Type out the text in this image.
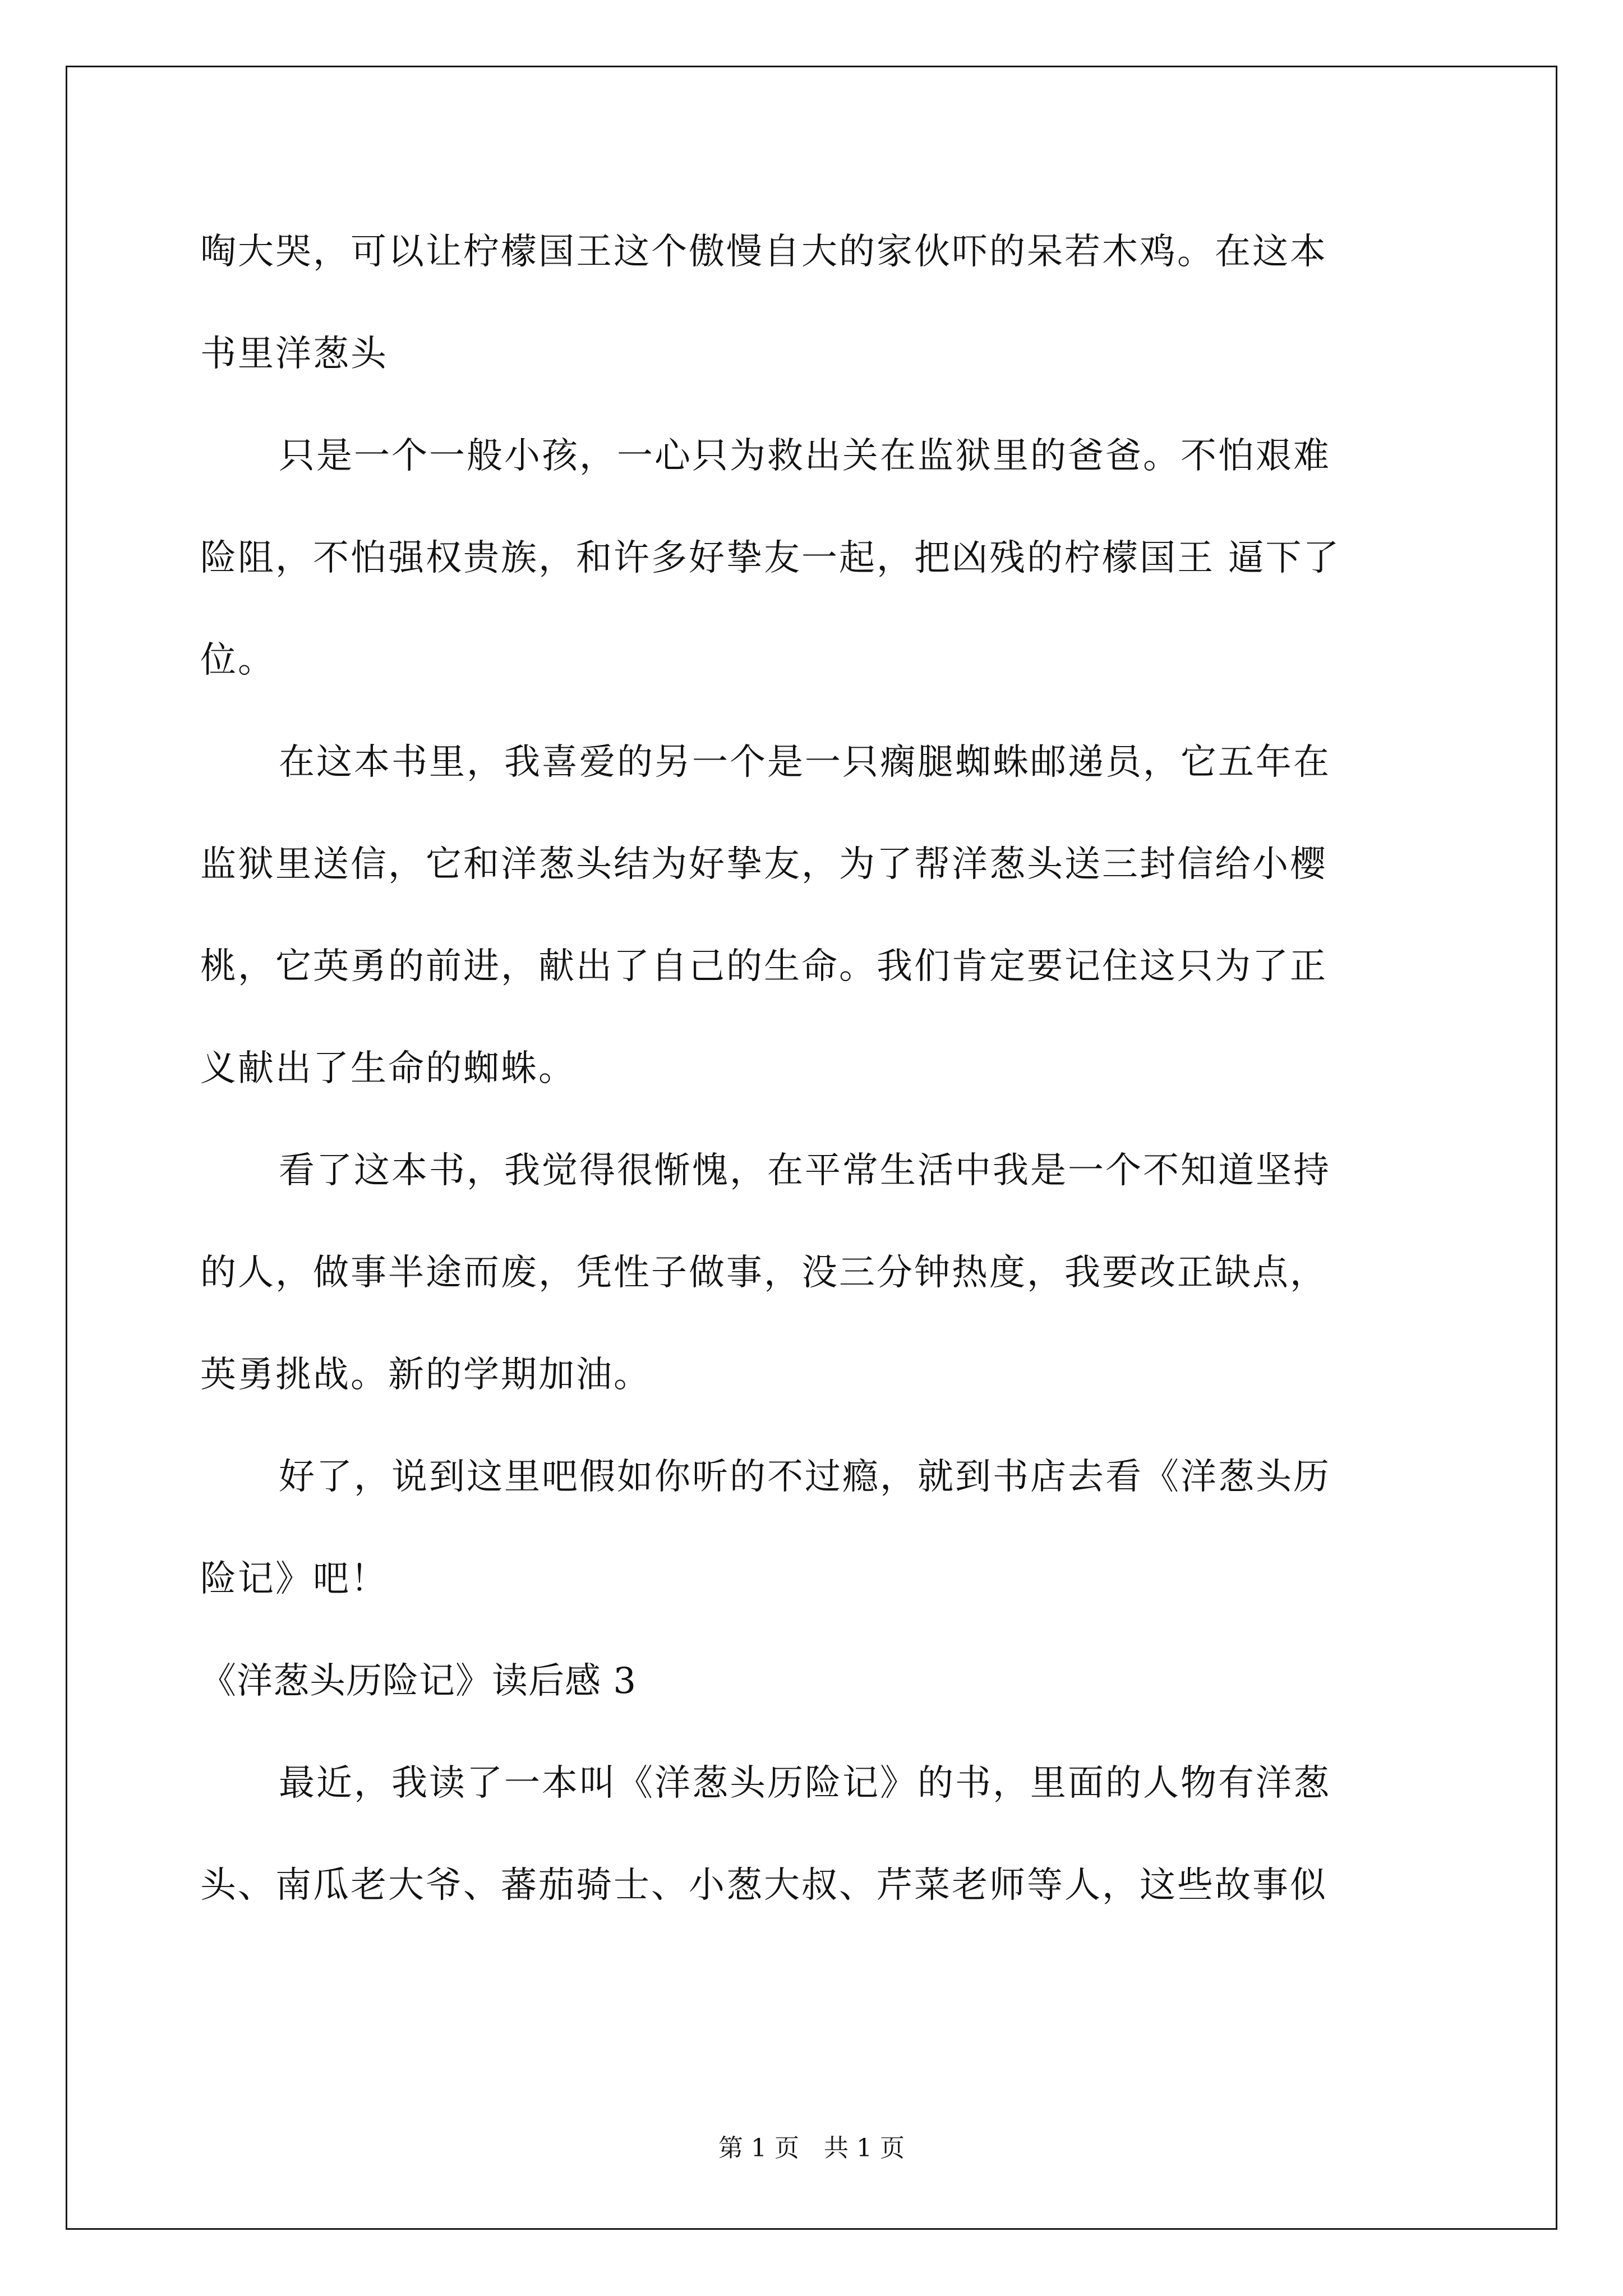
啕大哭，可以让柠檬国王这个傲慢自大的家伙吓的呆若木鸡。在这本
书里洋葱头
只是一个一般小孩，一心只为救出关在监狱里的爸爸。不怕艰难
险阻，不怕强权贵族，和许多好挚友一起，把凶残的柠檬国王 逼下了
位。
在这本书里，我喜爱的另一个是一只瘸腿蜘蛛邮递员，它五年在
监狱里送信，它和洋葱头结为好挚友，为了帮洋葱头送三封信给小樱
桃，它英勇的前进，献出了自己的生命。我们肯定要记住这只为了正
义献出了生命的蜘蛛。
看了这本书，我觉得很惭愧，在平常生活中我是一个不知道坚持
的人，做事半途而废，凭性子做事，没三分钟热度，我要改正缺点，
英勇挑战。新的学期加油。
好了，说到这里吧假如你听的不过瘾，就到书店去看《洋葱头历
险记》吧！
《洋葱头历险记》读后感 3
最近，我读了一本叫《洋葱头历险记》的书，里面的人物有洋葱
头、南瓜老大爷、蕃茄骑士、小葱大叔、芹菜老师等人，这些故事似
第 1 页　共 1 页
